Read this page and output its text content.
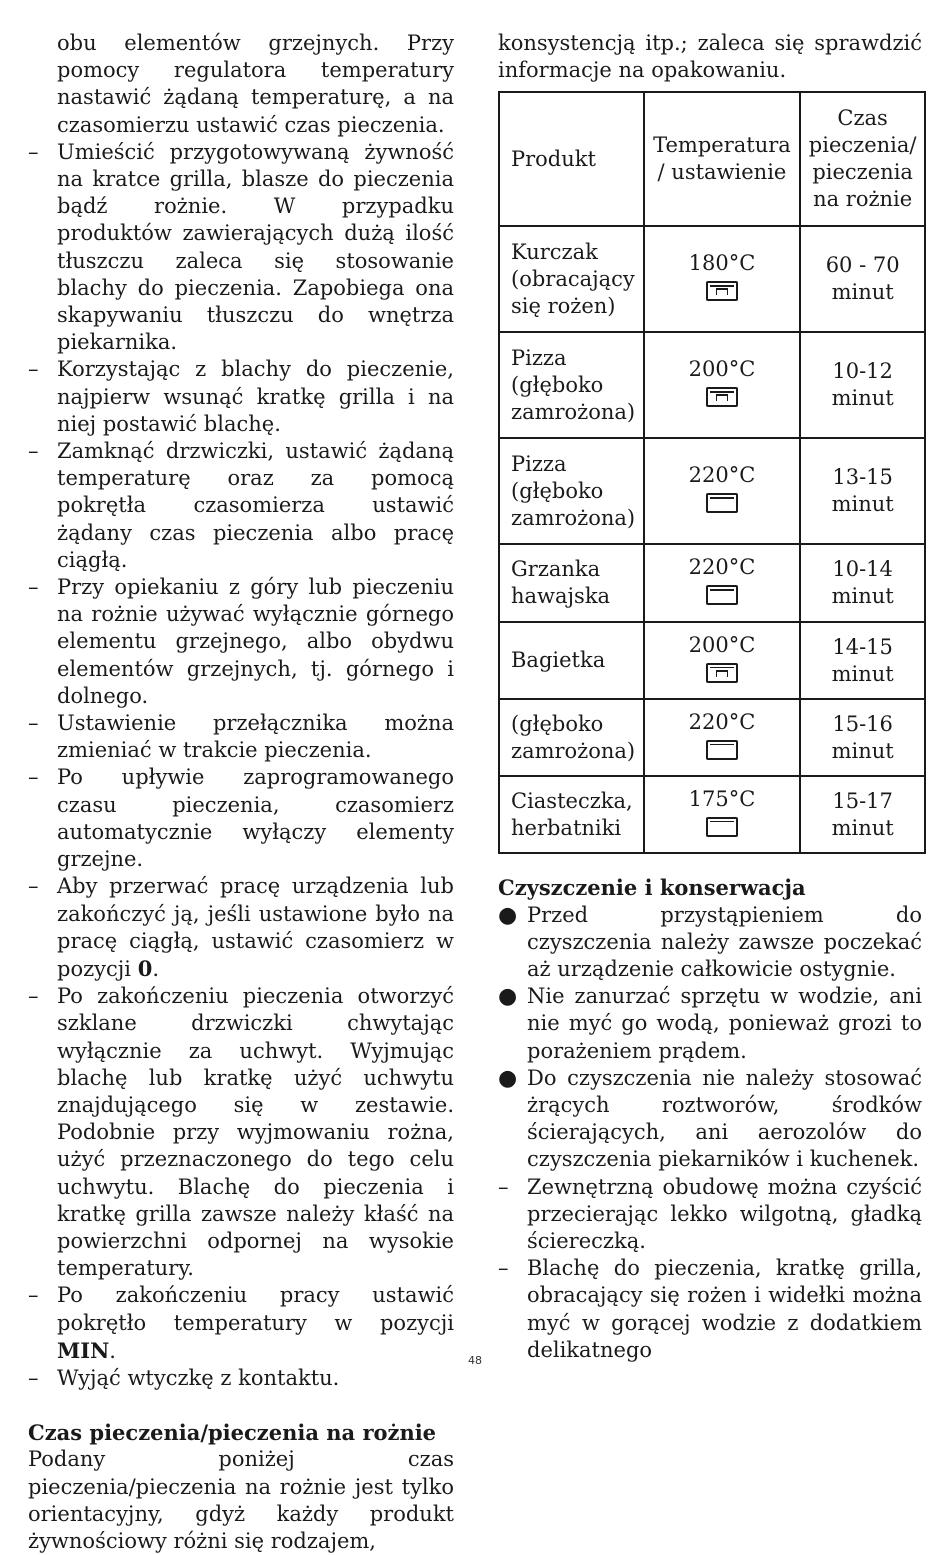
obu elementów grzejnych. Przy pomocy regulatora temperatury nastawić żądaną temperaturę, a na czasomierzu ustawić czas pieczenia.

– Umieścić przygotowywaną żywność na kratce grilla, blasze do pieczenia bądź rożnie. W przypadku produktów zawierających dużą ilość tłuszczu zaleca się stosowanie blachy do pieczenia. Zapobiega ona skapywaniu tłuszczu do wnętrza piekarnika.
– Korzystając z blachy do pieczenie, najpierw wsunąć kratkę grilla i na niej postawić blachę.
– Zamknąć drzwiczki, ustawić żądaną temperaturę oraz za pomocą pokrętła czasomierza ustawić żądany czas pieczenia albo pracę ciągłą.
– Przy opiekaniu z góry lub pieczeniu na rożnie używać wyłącznie górnego elementu grzejnego, albo obydwu elementów grzejnych, tj. górnego i dolnego.
– Ustawienie przełącznika można zmieniać w trakcie pieczenia.
– Po upływie zaprogramowanego czasu pieczenia, czasomierz automatycznie wyłączy elementy grzejne.
– Aby przerwać pracę urządzenia lub zakończyć ją, jeśli ustawione było na pracę ciągłą, ustawić czasomierz w pozycji 0.
– Po zakończeniu pieczenia otworzyć szklane drzwiczki chwytając wyłącznie za uchwyt. Wyjmując blachę lub kratkę użyć uchwytu znajdującego się w zestawie. Podobnie przy wyjmowaniu rożna, użyć przeznaczonego do tego celu uchwytu. Blachę do pieczenia i kratkę grilla zawsze należy kłaść na powierzchni odpornej na wysokie temperatury.
– Po zakończeniu pracy ustawić pokrętło temperatury w pozycji MIN.
– Wyjąć wtyczkę z kontaktu.

Czas pieczenia/pieczenia na rożnie

Podany poniżej czas pieczenia/pieczenia na rożnie jest tylko orientacyjny, gdyż każdy produkt żywnościowy różni się rodzajem,

konsystencją itp.; zaleca się sprawdzić informacje na opakowaniu.

Produkt	Temperatura / ustawienie	Czas pieczenia/ pieczenia na rożnie
Kurczak (obracający się rożen)	180°C	60 - 70 minut
Pizza (głęboko zamrożona)	200°C	10-12 minut
Pizza (głęboko zamrożona)	220°C	13-15 minut
Grzanka hawajska	220°C	10-14 minut
Bagietka	200°C	14-15 minut
(głęboko zamrożona)	220°C	15-16 minut
Ciasteczka, herbatniki	175°C	15-17 minut

Czyszczenie i konserwacja

● Przed przystąpieniem do czyszczenia należy zawsze poczekać aż urządzenie całkowicie ostygnie.
● Nie zanurzać sprzętu w wodzie, ani nie myć go wodą, ponieważ grozi to porażeniem prądem.
● Do czyszczenia nie należy stosować żrących roztworów, środków ścierających, ani aerozolów do czyszczenia piekarników i kuchenek.
– Zewnętrzną obudowę można czyścić przecierając lekko wilgotną, gładką ściereczką.
– Blachę do pieczenia, kratkę grilla, obracający się rożen i widełki można myć w gorącej wodzie z dodatkiem delikatnego
48
